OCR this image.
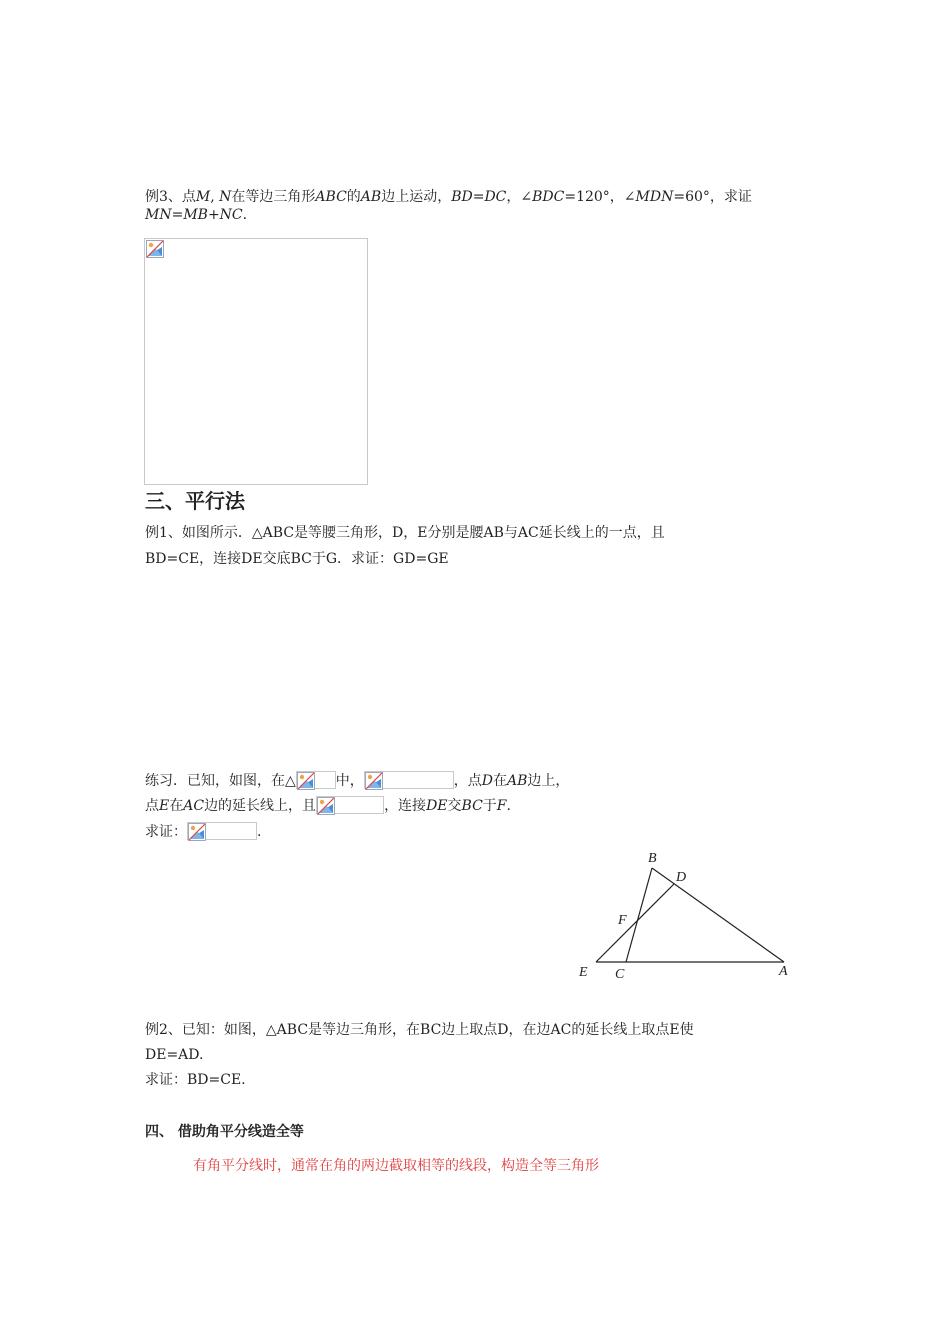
例3、点M, N在等边三角形ABC的AB边上运动，BD=DC，∠BDC=120°，∠MDN=60°，求证
MN=MB+NC.
三、平行法
例1、如图所示．△ABC是等腰三角形，D，E分别是腰AB与AC延长线上的一点，且
BD=CE，连接DE交底BC于G．求证：GD=GE
练习．已知，如图，在△	中，	，点D在AB边上，
点E在AC边的延长线上，且	，连接DE交BC于F.
求证：	.
B
D
F
E C	A
例2、已知：如图，△ABC是等边三角形，在BC边上取点D，在边AC的延长线上取点E使
DE=AD.
求证：BD=CE.
四、 借助角平分线造全等
有角平分线时，通常在角的两边截取相等的线段，构造全等三角形
